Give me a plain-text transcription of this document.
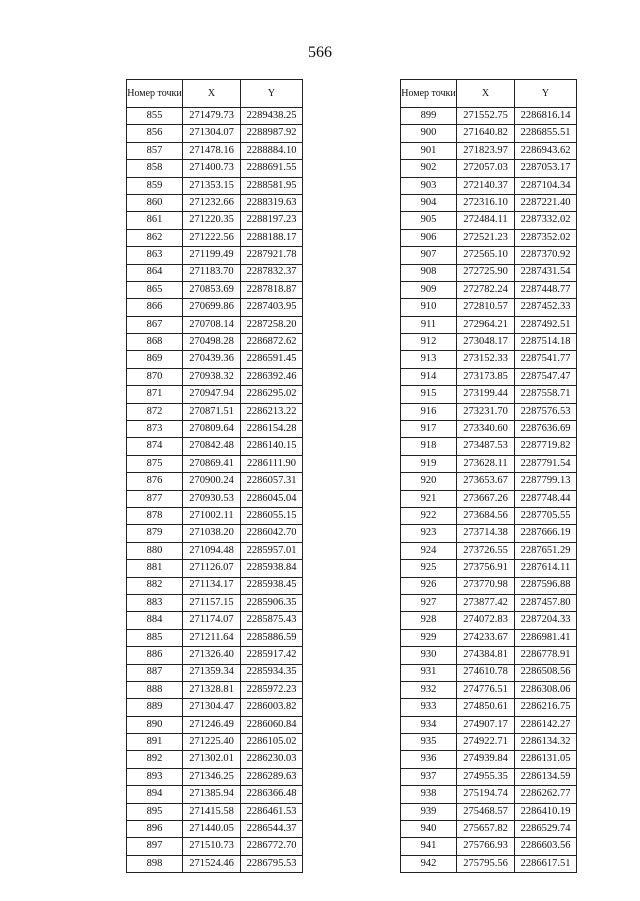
566
Номер точки	X	Y
855	271479.73	2289438.25
856	271304.07	2288987.92
857	271478.16	2288884.10
858	271400.73	2288691.55
859	271353.15	2288581.95
860	271232.66	2288319.63
861	271220.35	2288197.23
862	271222.56	2288188.17
863	271199.49	2287921.78
864	271183.70	2287832.37
865	270853.69	2287818.87
866	270699.86	2287403.95
867	270708.14	2287258.20
868	270498.28	2286872.62
869	270439.36	2286591.45
870	270938.32	2286392.46
871	270947.94	2286295.02
872	270871.51	2286213.22
873	270809.64	2286154.28
874	270842.48	2286140.15
875	270869.41	2286111.90
876	270900.24	2286057.31
877	270930.53	2286045.04
878	271002.11	2286055.15
879	271038.20	2286042.70
880	271094.48	2285957.01
881	271126.07	2285938.84
882	271134.17	2285938.45
883	271157.15	2285906.35
884	271174.07	2285875.43
885	271211.64	2285886.59
886	271326.40	2285917.42
887	271359.34	2285934.35
888	271328.81	2285972.23
889	271304.47	2286003.82
890	271246.49	2286060.84
891	271225.40	2286105.02
892	271302.01	2286230.03
893	271346.25	2286289.63
894	271385.94	2286366.48
895	271415.58	2286461.53
896	271440.05	2286544.37
897	271510.73	2286772.70
898	271524.46	2286795.53
Номер точки	X	Y
899	271552.75	2286816.14
900	271640.82	2286855.51
901	271823.97	2286943.62
902	272057.03	2287053.17
903	272140.37	2287104.34
904	272316.10	2287221.40
905	272484.11	2287332.02
906	272521.23	2287352.02
907	272565.10	2287370.92
908	272725.90	2287431.54
909	272782.24	2287448.77
910	272810.57	2287452.33
911	272964.21	2287492.51
912	273048.17	2287514.18
913	273152.33	2287541.77
914	273173.85	2287547.47
915	273199.44	2287558.71
916	273231.70	2287576.53
917	273340.60	2287636.69
918	273487.53	2287719.82
919	273628.11	2287791.54
920	273653.67	2287799.13
921	273667.26	2287748.44
922	273684.56	2287705.55
923	273714.38	2287666.19
924	273726.55	2287651.29
925	273756.91	2287614.11
926	273770.98	2287596.88
927	273877.42	2287457.80
928	274072.83	2287204.33
929	274233.67	2286981.41
930	274384.81	2286778.91
931	274610.78	2286508.56
932	274776.51	2286308.06
933	274850.61	2286216.75
934	274907.17	2286142.27
935	274922.71	2286134.32
936	274939.84	2286131.05
937	274955.35	2286134.59
938	275194.74	2286262.77
939	275468.57	2286410.19
940	275657.82	2286529.74
941	275766.93	2286603.56
942	275795.56	2286617.51
